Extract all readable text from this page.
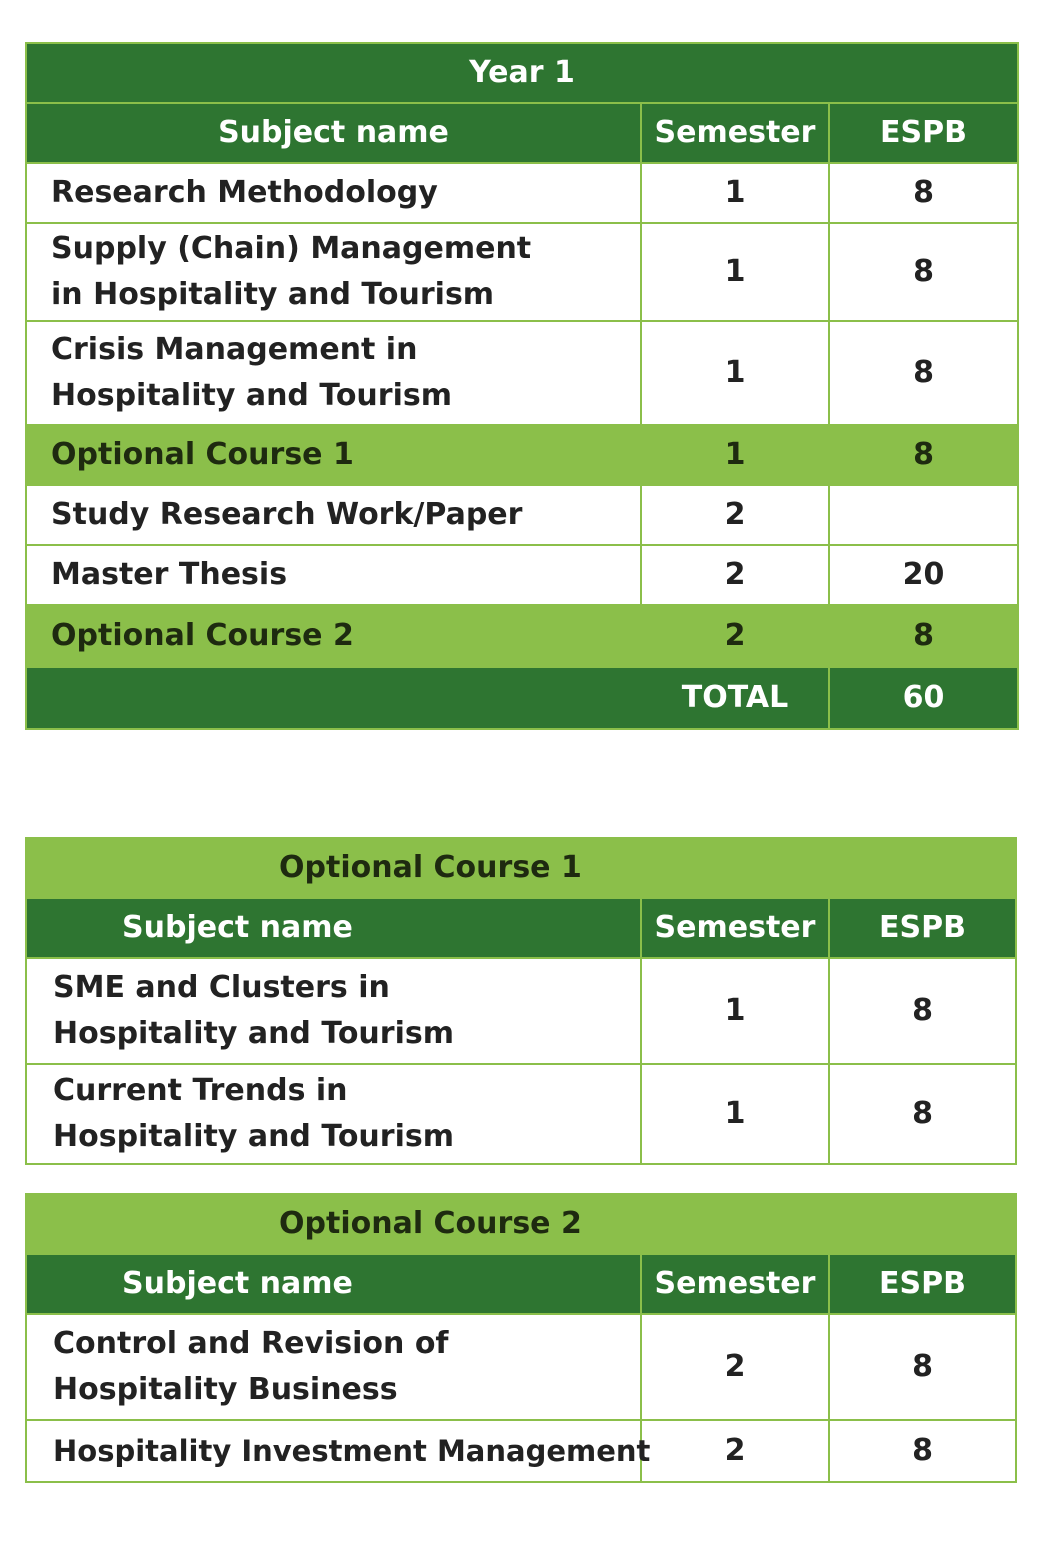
Year 1		
Subject name	Semester	ESPB
Research Methodology	1	8
Supply (Chain) Management in Hospitality and Tourism	1	8
Crisis Management in Hospitality and Tourism	1	8
Optional Course 1	1	8
Study Research Work/Paper	2	
Master Thesis	2	20
Optional Course 2	2	8
	TOTAL	60
Optional Course 1		
Subject name	Semester	ESPB
SME and Clusters in Hospitality and Tourism	1	8
Current Trends in Hospitality and Tourism	1	8
Optional Course 2		
Subject name	Semester	ESPB
Control and Revision of Hospitality Business	2	8
Hospitality Investment Management	2	8
